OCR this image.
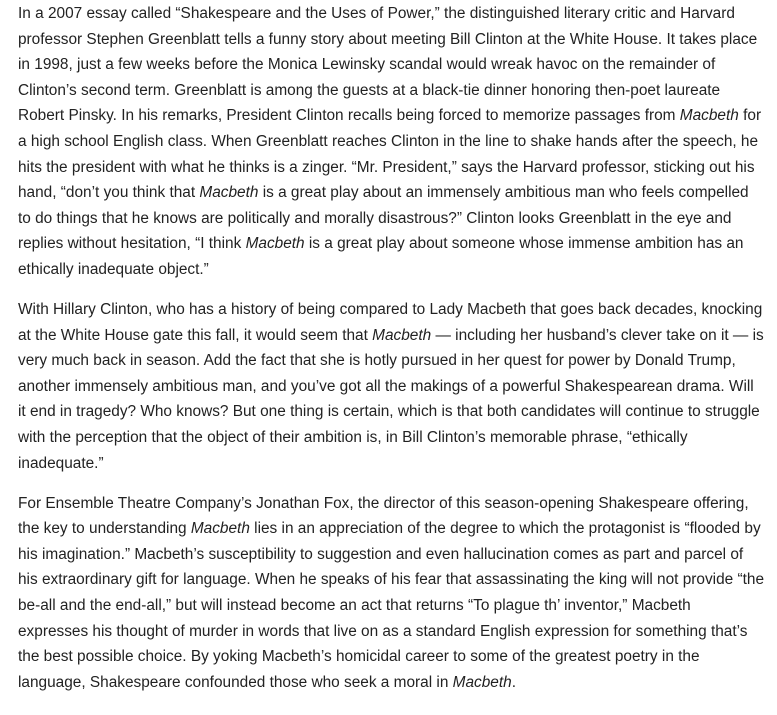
In a 2007 essay called “Shakespeare and the Uses of Power,” the distinguished literary critic and Harvard professor Stephen Greenblatt tells a funny story about meeting Bill Clinton at the White House. It takes place in 1998, just a few weeks before the Monica Lewinsky scandal would wreak havoc on the remainder of Clinton’s second term. Greenblatt is among the guests at a black-tie dinner honoring then-poet laureate Robert Pinsky. In his remarks, President Clinton recalls being forced to memorize passages from Macbeth for a high school English class. When Greenblatt reaches Clinton in the line to shake hands after the speech, he hits the president with what he thinks is a zinger. “Mr. President,” says the Harvard professor, sticking out his hand, “don’t you think that Macbeth is a great play about an immensely ambitious man who feels compelled to do things that he knows are politically and morally disastrous?” Clinton looks Greenblatt in the eye and replies without hesitation, “I think Macbeth is a great play about someone whose immense ambition has an ethically inadequate object.”

With Hillary Clinton, who has a history of being compared to Lady Macbeth that goes back decades, knocking at the White House gate this fall, it would seem that Macbeth — including her husband’s clever take on it — is very much back in season. Add the fact that she is hotly pursued in her quest for power by Donald Trump, another immensely ambitious man, and you’ve got all the makings of a powerful Shakespearean drama. Will it end in tragedy? Who knows? But one thing is certain, which is that both candidates will continue to struggle with the perception that the object of their ambition is, in Bill Clinton’s memorable phrase, “ethically inadequate.”

For Ensemble Theatre Company’s Jonathan Fox, the director of this season-opening Shakespeare offering, the key to understanding Macbeth lies in an appreciation of the degree to which the protagonist is “flooded by his imagination.” Macbeth’s susceptibility to suggestion and even hallucination comes as part and parcel of his extraordinary gift for language. When he speaks of his fear that assassinating the king will not provide “the be-all and the end-all,” but will instead become an act that returns “To plague th’ inventor,” Macbeth expresses his thought of murder in words that live on as a standard English expression for something that’s the best possible choice. By yoking Macbeth’s homicidal career to some of the greatest poetry in the language, Shakespeare confounded those who seek a moral in Macbeth.
